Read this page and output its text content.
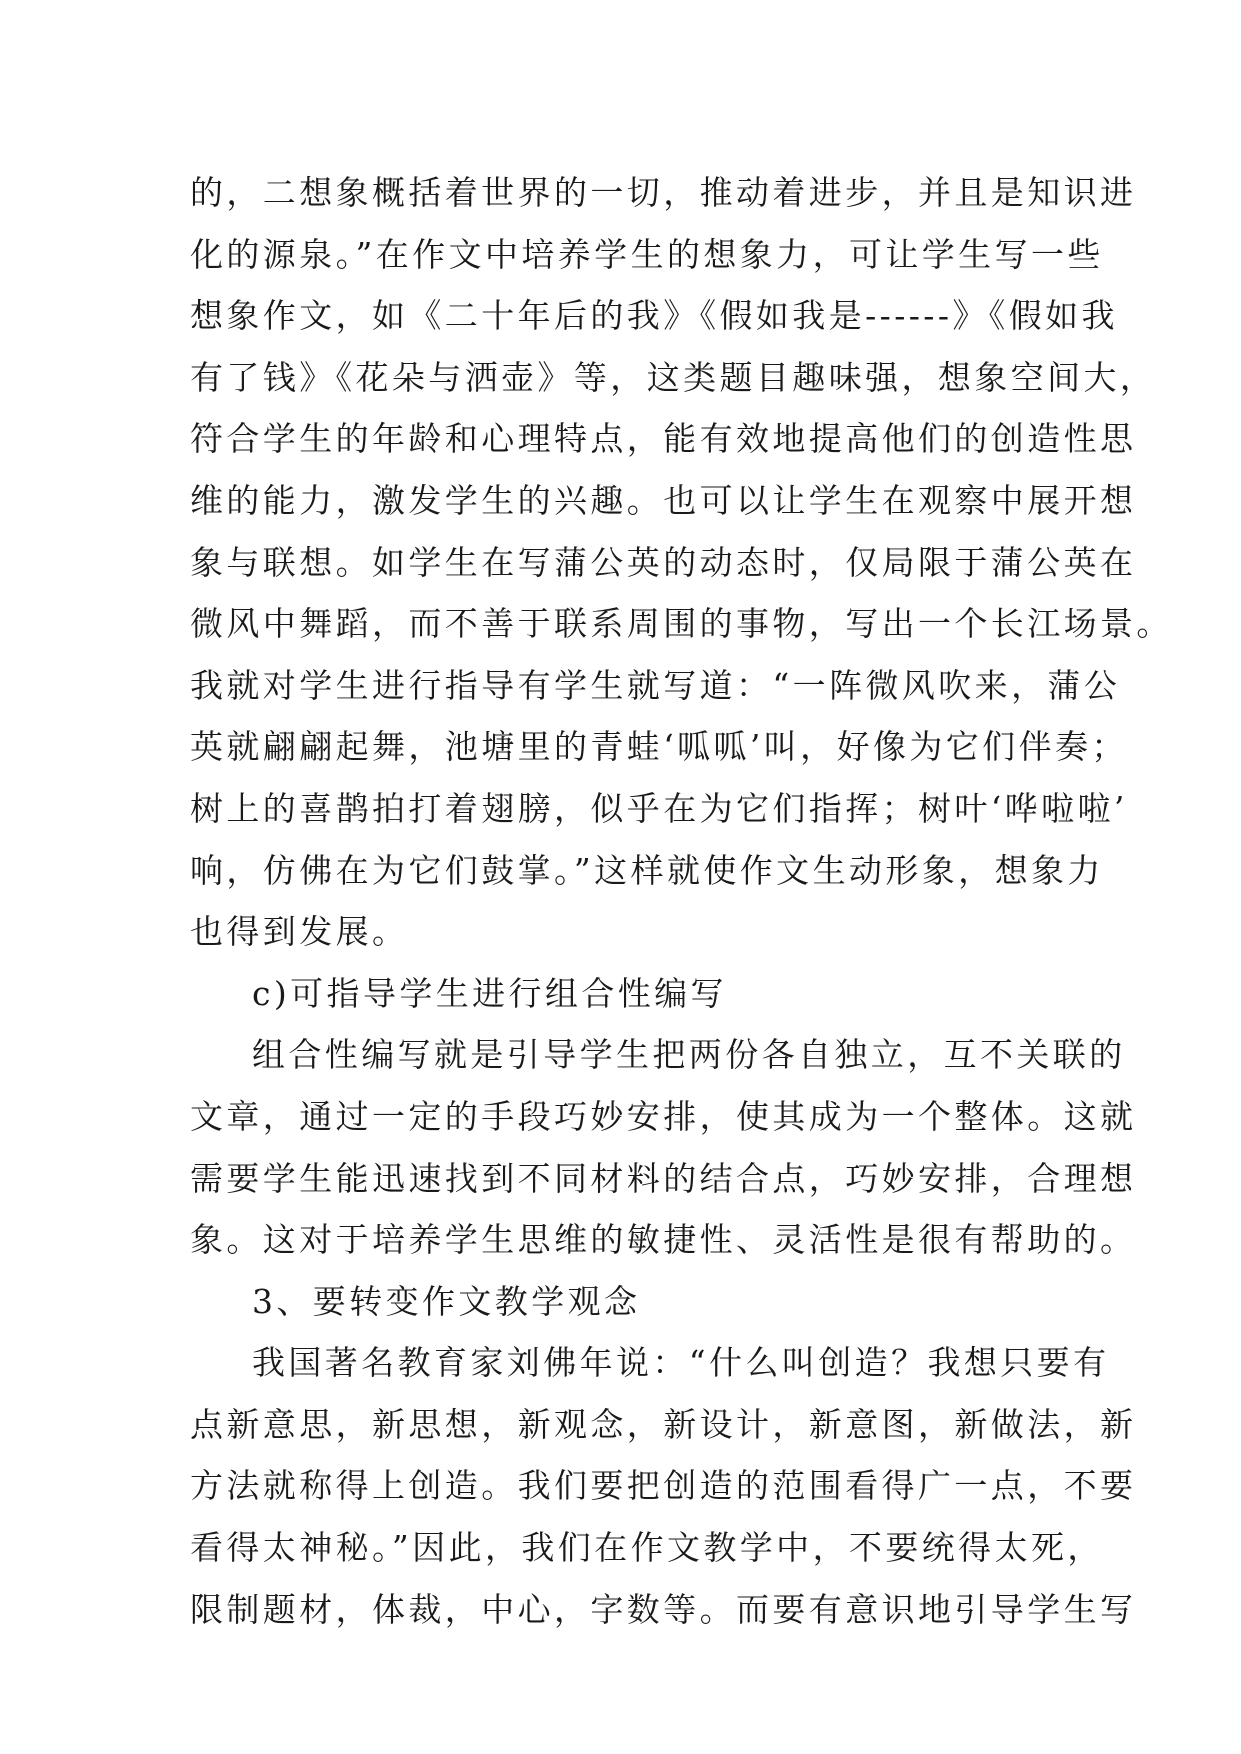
的，二想象概括着世界的一切，推动着进步，并且是知识进
化的源泉。”在作文中培养学生的想象力，可让学生写一些
想象作文，如《二十年后的我》《假如我是------》《假如我
有了钱》《花朵与洒壶》等，这类题目趣味强，想象空间大，
符合学生的年龄和心理特点，能有效地提高他们的创造性思
维的能力，激发学生的兴趣。也可以让学生在观察中展开想
象与联想。如学生在写蒲公英的动态时，仅局限于蒲公英在
微风中舞蹈，而不善于联系周围的事物，写出一个长江场景。
我就对学生进行指导有学生就写道：“一阵微风吹来，蒲公
英就翩翩起舞，池塘里的青蛙‘呱呱’叫，好像为它们伴奏；
树上的喜鹊拍打着翅膀，似乎在为它们指挥；树叶‘哗啦啦’
响，仿佛在为它们鼓掌。”这样就使作文生动形象，想象力
也得到发展。
c)可指导学生进行组合性编写
组合性编写就是引导学生把两份各自独立，互不关联的
文章，通过一定的手段巧妙安排，使其成为一个整体。这就
需要学生能迅速找到不同材料的结合点，巧妙安排，合理想
象。这对于培养学生思维的敏捷性、灵活性是很有帮助的。
3、要转变作文教学观念
我国著名教育家刘佛年说：“什么叫创造？我想只要有
点新意思，新思想，新观念，新设计，新意图，新做法，新
方法就称得上创造。我们要把创造的范围看得广一点，不要
看得太神秘。”因此，我们在作文教学中，不要统得太死，
限制题材，体裁，中心，字数等。而要有意识地引导学生写
